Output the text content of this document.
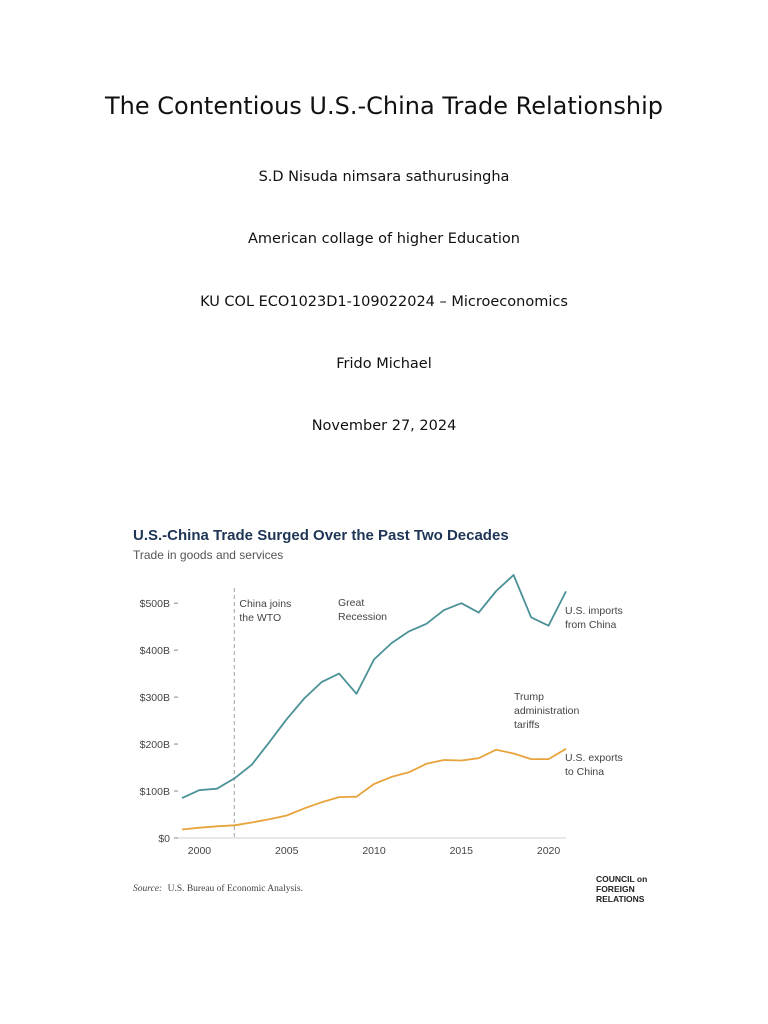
The Contentious U.S.-China Trade Relationship
S.D Nisuda nimsara sathurusingha
American collage of higher Education
KU COL ECO1023D1-109022024 – Microeconomics
Frido Michael
November 27, 2024
U.S.-China Trade Surged Over the Past Two Decades
Trade in goods and services
$0
$100B
$200B
$300B
$400B
$500B
2000	2005	2010	2015	2020
China joins the WTO
Great Recession
Trump administration tariffs
U.S. imports from China
U.S. exports to China
Source: U.S. Bureau of Economic Analysis.
COUNCIL on FOREIGN RELATIONS
